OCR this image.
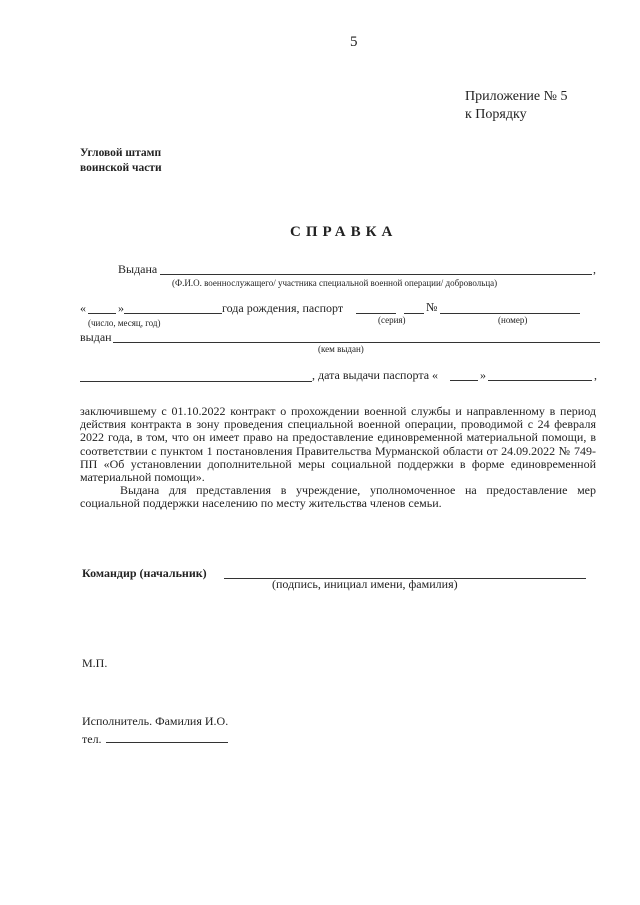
5
Приложение № 5
к Порядку
Угловой штамп
воинской части
СПРАВКА
Выдана	,
(Ф.И.О. военнослужащего/ участника специальной военной операции/ добровольца)
«	»	года рождения, паспорт	№
(число, месяц, год)	(серия)	(номер)
выдан
(кем выдан)
, дата выдачи паспорта «	»	,

заключившему с 01.10.2022 контракт о прохождении военной службы и направленному в период действия контракта в зону проведения специальной военной операции, проводимой с 24 февраля 2022 года, в том, что он имеет право на предоставление единовременной материальной помощи, в соответствии с пунктом 1 постановления Правительства Мурманской области от 24.09.2022 № 749-ПП «Об установлении дополнительной меры социальной поддержки в форме единовременной материальной помощи».

Выдана для представления в учреждение, уполномоченное на предоставление мер социальной поддержки населению по месту жительства членов семьи.

Командир (начальник)
(подпись, инициал имени, фамилия)
М.П.
Исполнитель. Фамилия И.О.
тел.
